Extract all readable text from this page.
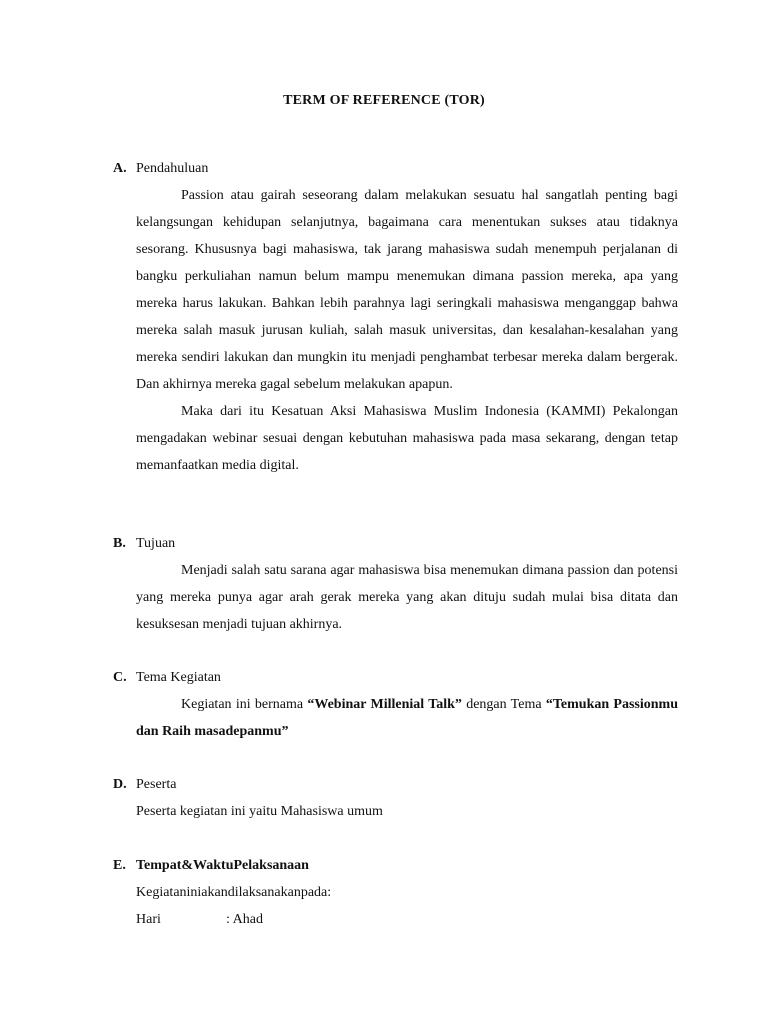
TERM OF REFERENCE (TOR)
A. Pendahuluan

Passion atau gairah seseorang dalam melakukan sesuatu hal sangatlah penting bagi kelangsungan kehidupan selanjutnya, bagaimana cara menentukan sukses atau tidaknya sesorang. Khususnya bagi mahasiswa, tak jarang mahasiswa sudah menempuh perjalanan di bangku perkuliahan namun belum mampu menemukan dimana passion mereka, apa yang mereka harus lakukan. Bahkan lebih parahnya lagi seringkali mahasiswa menganggap bahwa mereka salah masuk jurusan kuliah, salah masuk universitas, dan kesalahan-kesalahan yang mereka sendiri lakukan dan mungkin itu menjadi penghambat terbesar mereka dalam bergerak. Dan akhirnya mereka gagal sebelum melakukan apapun.

Maka dari itu Kesatuan Aksi Mahasiswa Muslim Indonesia (KAMMI) Pekalongan mengadakan webinar sesuai dengan kebutuhan mahasiswa pada masa sekarang, dengan tetap memanfaatkan media digital.

B. Tujuan

Menjadi salah satu sarana agar mahasiswa bisa menemukan dimana passion dan potensi yang mereka punya agar arah gerak mereka yang akan dituju sudah mulai bisa ditata dan kesuksesan menjadi tujuan akhirnya.

C. Tema Kegiatan

Kegiatan ini bernama “Webinar Millenial Talk” dengan Tema “Temukan Passionmu dan Raih masadepanmu”

D. Peserta
Peserta kegiatan ini yaitu Mahasiswa umum
E. Tempat&WaktuPelaksanaan
Kegiataniniakandilaksanakanpada:
Hari	: Ahad
